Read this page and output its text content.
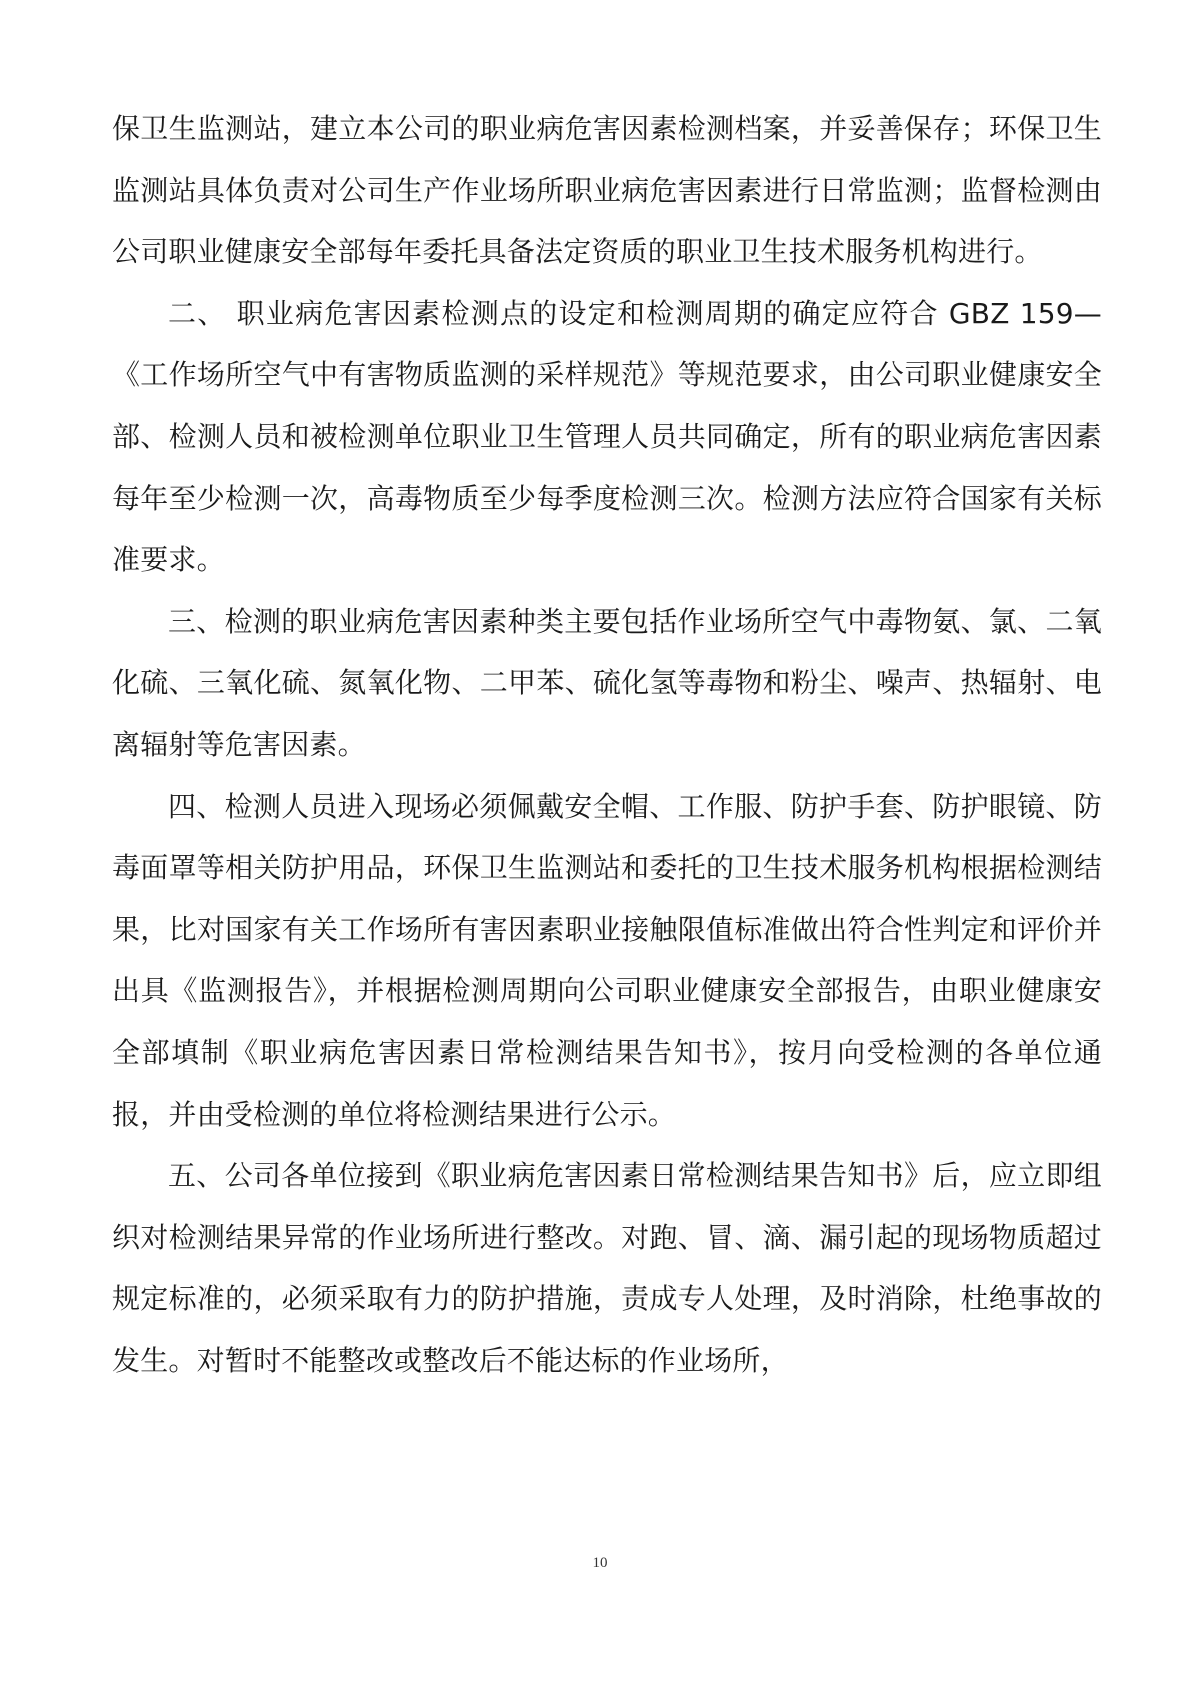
保卫生监测站，建立本公司的职业病危害因素检测档案，并妥善保存；环保卫生监测站具体负责对公司生产作业场所职业病危害因素进行日常监测；监督检测由公司职业健康安全部每年委托具备法定资质的职业卫生技术服务机构进行。

二、 职业病危害因素检测点的设定和检测周期的确定应符合 GBZ 159—《工作场所空气中有害物质监测的采样规范》等规范要求，由公司职业健康安全部、检测人员和被检测单位职业卫生管理人员共同确定，所有的职业病危害因素每年至少检测一次，高毒物质至少每季度检测三次。检测方法应符合国家有关标准要求。

三、检测的职业病危害因素种类主要包括作业场所空气中毒物氨、氯、二氧化硫、三氧化硫、氮氧化物、二甲苯、硫化氢等毒物和粉尘、噪声、热辐射、电离辐射等危害因素。

四、检测人员进入现场必须佩戴安全帽、工作服、防护手套、防护眼镜、防毒面罩等相关防护用品，环保卫生监测站和委托的卫生技术服务机构根据检测结果，比对国家有关工作场所有害因素职业接触限值标准做出符合性判定和评价并出具《监测报告》，并根据检测周期向公司职业健康安全部报告，由职业健康安全部填制《职业病危害因素日常检测结果告知书》，按月向受检测的各单位通报，并由受检测的单位将检测结果进行公示。

五、公司各单位接到《职业病危害因素日常检测结果告知书》后，应立即组织对检测结果异常的作业场所进行整改。对跑、冒、滴、漏引起的现场物质超过规定标准的，必须采取有力的防护措施，责成专人处理，及时消除，杜绝事故的发生。对暂时不能整改或整改后不能达标的作业场所，

10
